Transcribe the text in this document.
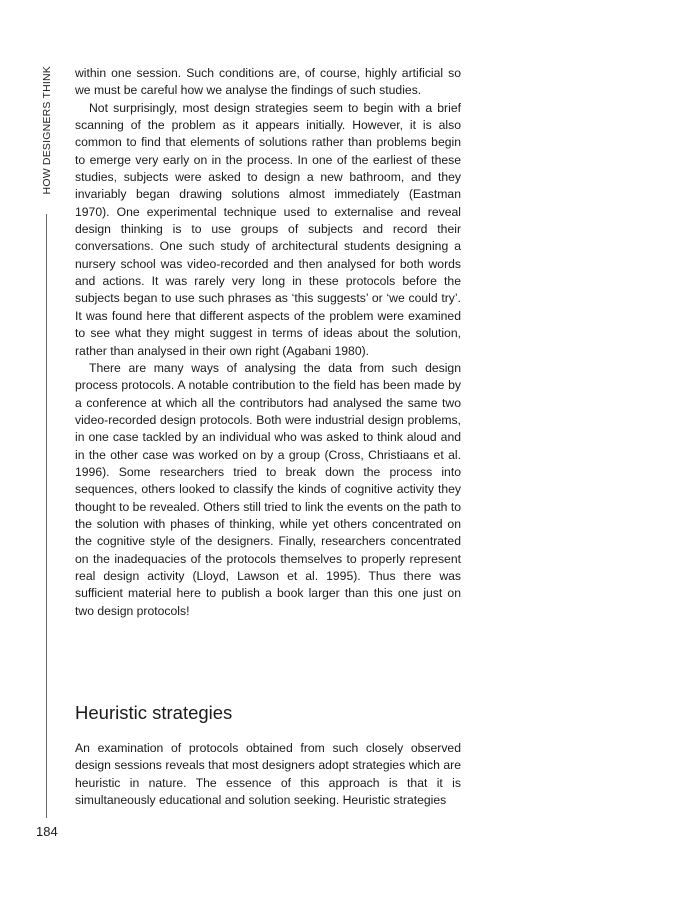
HOW DESIGNERS THINK
184

within one session. Such conditions are, of course, highly artificial so we must be careful how we analyse the findings of such studies.

Not surprisingly, most design strategies seem to begin with a brief scanning of the problem as it appears initially. However, it is also common to find that elements of solutions rather than problems begin to emerge very early on in the process. In one of the earliest of these studies, subjects were asked to design a new bathroom, and they invariably began drawing solutions almost immediately (Eastman 1970). One experimental technique used to externalise and reveal design thinking is to use groups of subjects and record their conversations. One such study of architectural students designing a nursery school was video-recorded and then analysed for both words and actions. It was rarely very long in these protocols before the subjects began to use such phrases as ‘this suggests’ or ‘we could try’. It was found here that different aspects of the problem were examined to see what they might suggest in terms of ideas about the solution, rather than analysed in their own right (Agabani 1980).

There are many ways of analysing the data from such design process protocols. A notable contribution to the field has been made by a conference at which all the contributors had analysed the same two video-recorded design protocols. Both were industrial design problems, in one case tackled by an individual who was asked to think aloud and in the other case was worked on by a group (Cross, Christiaans et al. 1996). Some researchers tried to break down the process into sequences, others looked to classify the kinds of cognitive activity they thought to be revealed. Others still tried to link the events on the path to the solution with phases of thinking, while yet others concentrated on the cognitive style of the designers. Finally, researchers concentrated on the inadequacies of the protocols themselves to properly represent real design activity (Lloyd, Lawson et al. 1995). Thus there was sufficient material here to publish a book larger than this one just on two design protocols!

Heuristic strategies

An examination of protocols obtained from such closely observed design sessions reveals that most designers adopt strategies which are heuristic in nature. The essence of this approach is that it is simultaneously educational and solution seeking. Heuristic strategies
